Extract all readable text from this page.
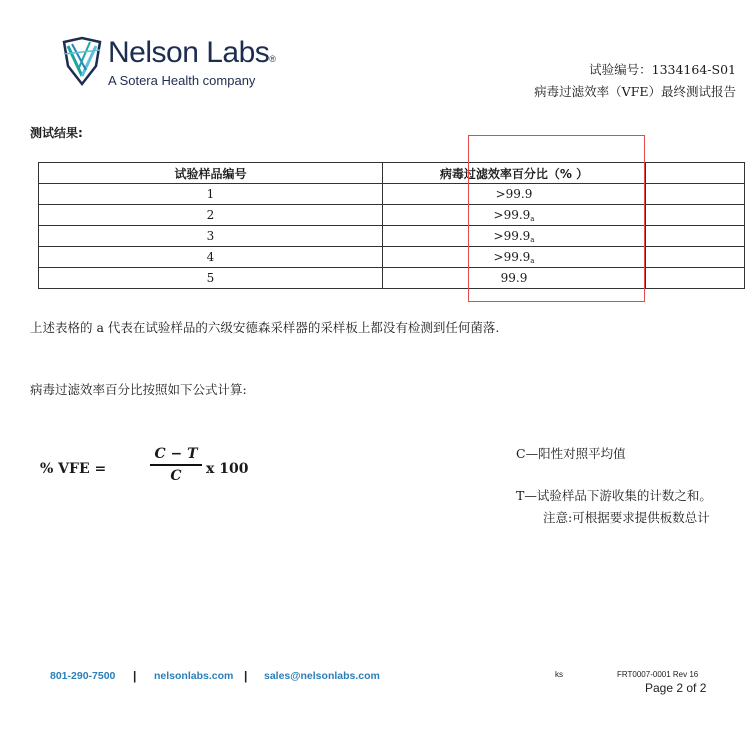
Nelson Labs®
A Sotera Health company
试验编号：1334164-S01
病毒过滤效率（VFE）最终测试报告
测试结果:
试验样品编号	病毒过滤效率百分比（% ）	
1	>99.9	
2	$>99.9_a$	
3	$>99.9_a$	
4	$>99.9_a$	
5	99.9	
上述表格的 a 代表在试验样品的六级安德森采样器的采样板上都没有检测到任何菌落.
病毒过滤效率百分比按照如下公式计算:
% VFE =
C − T
C	x 100
C—阳性对照平均值
T—试验样品下游收集的计数之和。
注意:可根据要求提供板数总计
801-290-7500 | nelsonlabs.com | sales@nelsonlabs.com	ks	FRT0007-0001 Rev 16
Page 2 of 2
